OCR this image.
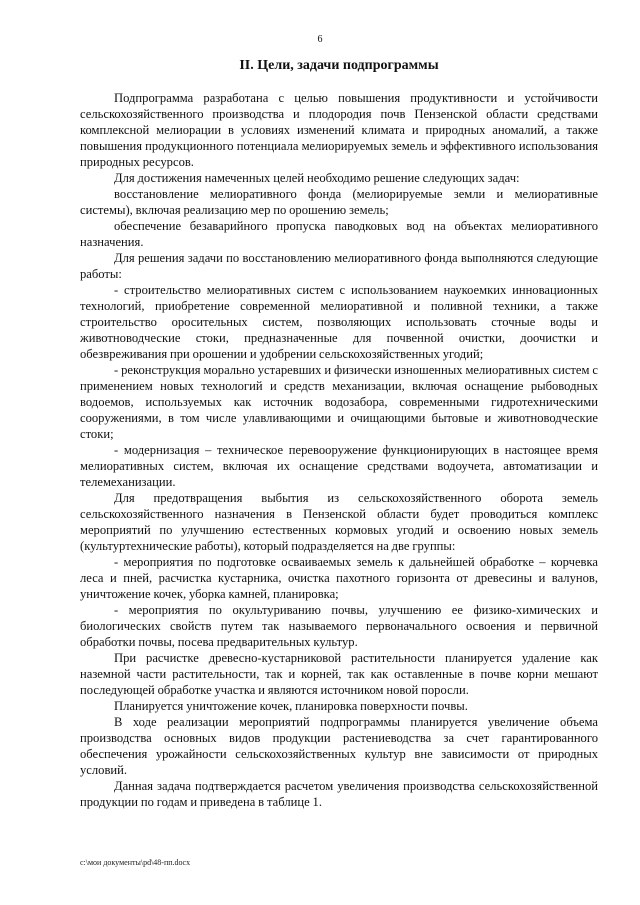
6
II. Цели, задачи подпрограммы

Подпрограмма разработана с целью повышения продуктивности и устойчивости сельскохозяйственного производства и плодородия почв Пензенской области средствами комплексной мелиорации в условиях изменений климата и природных аномалий, а также повышения продукционного потенциала мелиорируемых земель и эффективного использования природных ресурсов.

Для достижения намеченных целей необходимо решение следующих задач:

восстановление мелиоративного фонда (мелиорируемые земли и мелиоративные системы), включая реализацию мер по орошению земель;

обеспечение безаварийного пропуска паводковых вод на объектах мелиоративного назначения.

Для решения задачи по восстановлению мелиоративного фонда выполняются следующие работы:

- строительство мелиоративных систем с использованием наукоемких инновационных технологий, приобретение современной мелиоративной и поливной техники, а также строительство оросительных систем, позволяющих использовать сточные воды и животноводческие стоки, предназначенные для почвенной очистки, доочистки и обезвреживания при орошении и удобрении сельскохозяйственных угодий;

- реконструкция морально устаревших и физически изношенных мелиоративных систем с применением новых технологий и средств механизации, включая оснащение рыбоводных водоемов, используемых как источник водозабора, современными гидротехническими сооружениями, в том числе улавливающими и очищающими бытовые и животноводческие стоки;

- модернизация – техническое перевооружение функционирующих в настоящее время мелиоративных систем, включая их оснащение средствами водоучета, автоматизации и телемеханизации.

Для предотвращения выбытия из сельскохозяйственного оборота земель сельскохозяйственного назначения в Пензенской области будет проводиться комплекс мероприятий по улучшению естественных кормовых угодий и освоению новых земель (культуртехнические работы), который подразделяется на две группы:

- мероприятия по подготовке осваиваемых земель к дальнейшей обработке – корчевка леса и пней, расчистка кустарника, очистка пахотного горизонта от древесины и валунов, уничтожение кочек, уборка камней, планировка;

- мероприятия по окультуриванию почвы, улучшению ее физико-химических и биологических свойств путем так называемого первоначального освоения и первичной обработки почвы, посева предварительных культур.

При расчистке древесно-кустарниковой растительности планируется удаление как наземной части растительности, так и корней, так как оставленные в почве корни мешают последующей обработке участка и являются источником новой поросли.

Планируется уничтожение кочек, планировка поверхности почвы.

В ходе реализации мероприятий подпрограммы планируется увеличение объема производства основных видов продукции растениеводства за счет гарантированного обеспечения урожайности сельскохозяйственных культур вне зависимости от природных условий.

Данная задача подтверждается расчетом увеличения производства сельскохозяйственной продукции по годам и приведена в таблице 1.

c:\мои документы\pd\48-пп.docx
